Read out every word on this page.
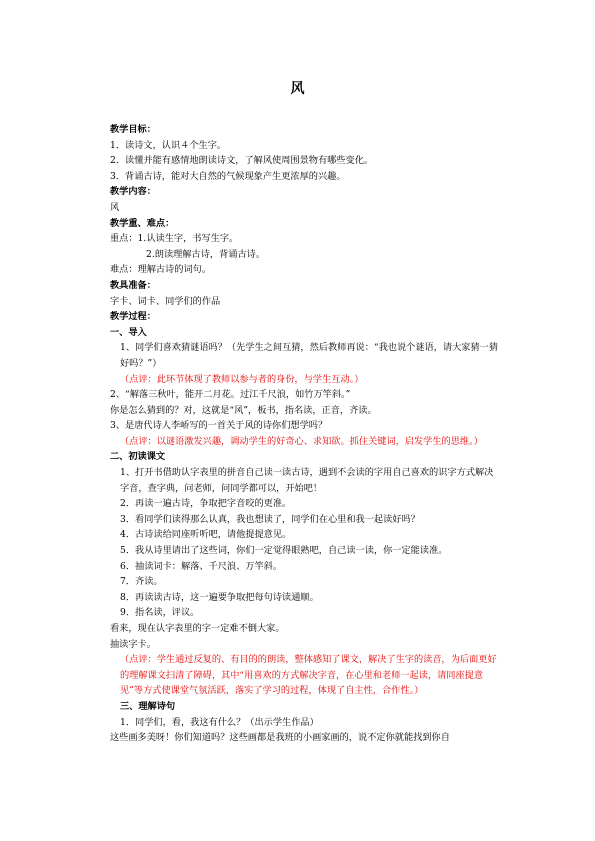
风
教学目标：
1．读诗文，认识４个生字。
2．读懂并能有感情地朗读诗文，了解风使周围景物有哪些变化。
3．背诵古诗，能对大自然的气候现象产生更浓厚的兴趣。
教学内容：
风
教学重、难点：
重点：1.认读生字，书写生字。
2.朗读理解古诗，背诵古诗。
难点：理解古诗的词句。
教具准备：
字卡、词卡、同学们的作品
教学过程：
一、导入
1、同学们喜欢猜谜语吗？（先学生之间互猜，然后教师再说：“我也说个谜语，请大家猜一猜好吗？”）
（点评：此环节体现了教师以参与者的身份，与学生互动。）
2、“解落三秋叶，能开二月花。过江千尺浪，如竹万竿斜。”
你是怎么猜到的？对，这就是“风”，板书，指名读，正音，齐读。
3、是唐代诗人李峤写的一首关于风的诗你们想学吗？
（点评：以谜语激发兴趣，调动学生的好奇心、求知欲。抓住关键词，启发学生的思维。）
二、初读课文
1、打开书借助认字表里的拼音自己读一读古诗，遇到不会读的字用自己喜欢的识字方式解决字音，查字典，问老师，问同学都可以，开始吧！
2．再读一遍古诗，争取把字音咬的更准。
3．看同学们读得那么认真，我也想读了，同学们在心里和我一起读好吗？
4．古诗读给同座听听吧，请他提提意见。
5．我从诗里请出了这些词，你们一定觉得眼熟吧，自己读一读，你一定能读准。
6．抽读词卡：解落、千尺浪、万竿斜。
7．齐读。
8．再读读古诗，这一遍要争取把每句诗读通顺。
9．指名读，评议。
看来，现在认字表里的字一定难不倒大家。
抽读字卡。
（点评：学生通过反复的、有目的的朗读，整体感知了课文，解决了生字的读音，为后面更好的理解课文扫清了障碍，其中“用喜欢的方式解决字音，在心里和老师一起读，请同座提意见”等方式使课堂气氛活跃，落实了学习的过程，体现了自主性，合作性。）
三、理解诗句
1．同学们，看，我这有什么？（出示学生作品）
这些画多美呀！你们知道吗？这些画都是我班的小画家画的，说不定你就能找到你自
